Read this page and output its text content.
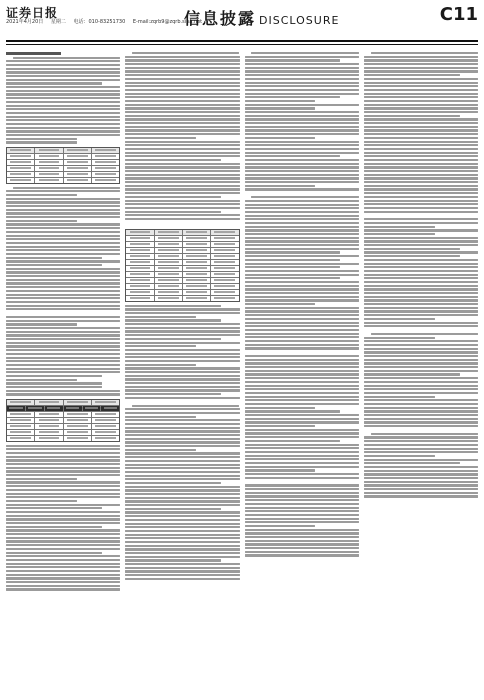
证券日报
2021年4月20日 星期二 电话：010-83251730 E-mail:zqrb9@zqrb.sina.net
信息披露 DISCLOSURE	C11
